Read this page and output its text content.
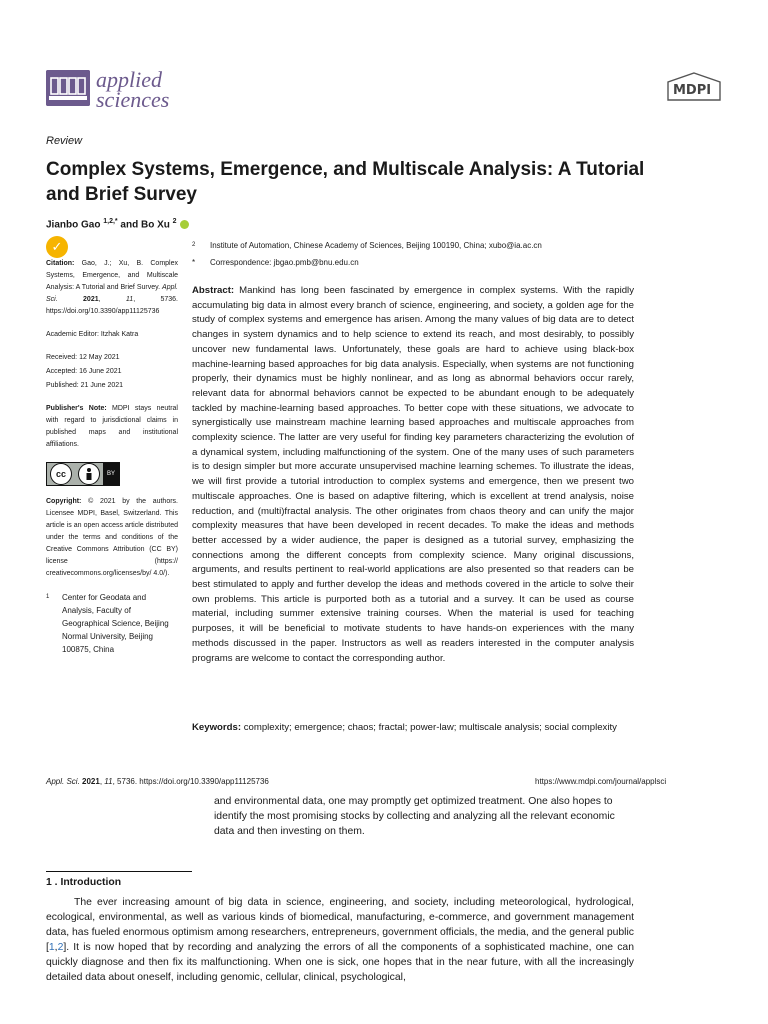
applied
sciences	MDPI
Review
Complex Systems, Emergence, and Multiscale Analysis: A Tutorial and Brief Survey
Jianbo Gao $^{1,2,*}$ and Bo Xu $^2$
✓	2 Institute of Automation, Chinese Academy of Sciences, Beijing 100190, China; xubo@ia.ac.cn
* Correspondence: jbgao.pmb@bnu.edu.cn

Citation: Gao, J.; Xu, B. Complex Systems, Emergence, and Multiscale Analysis: A Tutorial and Brief Survey. Appl. Sci.	2021, 11, 5736. https://doi.org/10.3390/app11125736

Academic Editor: Itzhak Katra

Received: 12 May 2021

Accepted: 16 June 2021

Published: 21 June 2021

Publisher's Note: MDPI stays neutral with regard to jurisdictional claims in published maps and institutional affiliations.

cc	BY

Copyright: © 2021 by the authors. Licensee MDPI, Basel, Switzerland. This article is an open access article distributed under the terms and conditions of the Creative Commons Attribution (CC BY) license (https:// creativecommons.org/licenses/by/ 4.0/).

1	Center for Geodata and Analysis, Faculty of Geographical Science, Beijing Normal University, Beijing 100875, China
Abstract: Mankind has long been fascinated by emergence in complex systems. With the rapidly accumulating big data in almost every branch of science, engineering, and society, a golden age for the study of complex systems and emergence has arisen. Among the many values of big data are to detect changes in system dynamics and to help science to extend its reach, and most desirably, to possibly uncover new fundamental laws. Unfortunately, these goals are hard to achieve using black-box machine-learning based approaches for big data analysis. Especially, when systems are not functioning properly, their dynamics must be highly nonlinear, and as long as abnormal behaviors occur rarely, relevant data for abnormal behaviors cannot be expected to be abundant enough to be adequately tackled by machine-learning based approaches. To better cope with these situations, we advocate to synergistically use mainstream machine learning based approaches and multiscale approaches from complexity science. The latter are very useful for finding key parameters characterizing the evolution of a dynamical system, including malfunctioning of the system. One of the many uses of such parameters is to design simpler but more accurate unsupervised machine learning schemes. To illustrate the ideas, we will first provide a tutorial introduction to complex systems and emergence, then we present two multiscale approaches. One is based on adaptive filtering, which is excellent at trend analysis, noise reduction, and (multi)fractal analysis. The other originates from chaos theory and can unify the major complexity measures that have been developed in recent decades. To make the ideas and methods better accessed by a wider audience, the paper is designed as a tutorial survey, emphasizing the connections among the different concepts from complexity science. Many original discussions, arguments, and results pertinent to real-world applications are also presented so that readers can be best stimulated to apply and further develop the ideas and methods covered in the article to solve their own problems. This article is purported both as a tutorial and a survey. It can be used as course material, including summer extensive training courses. When the material is used for teaching purposes, it will be beneficial to motivate students to have hands-on experiences with the many methods discussed in the paper. Instructors as well as readers interested in the computer analysis programs are welcome to contact the corresponding author.
Keywords: complexity; emergence; chaos; fractal; power-law; multiscale analysis; social complexity
Appl. Sci. 2021, 11, 5736. https://doi.org/10.3390/app11125736	https://www.mdpi.com/journal/applsci
and environmental data, one may promptly get optimized treatment. One also hopes to identify the most promising stocks by collecting and analyzing all the relevant economic data and then investing on them.
1 . Introduction
The ever increasing amount of big data in science, engineering, and society, including meteorological, hydrological, ecological, environmental, as well as various kinds of biomedical, manufacturing, e-commerce, and government management data, has fueled enormous optimism among researchers, entrepreneurs, government officials, the media, and the general public [1,2]. It is now hoped that by recording and analyzing the errors of all the components of a sophisticated machine, one can quickly diagnose and then fix its malfunctioning. When one is sick, one hopes that in the near future, with all the increasingly detailed data about oneself, including genomic, cellular, clinical, psychological,
